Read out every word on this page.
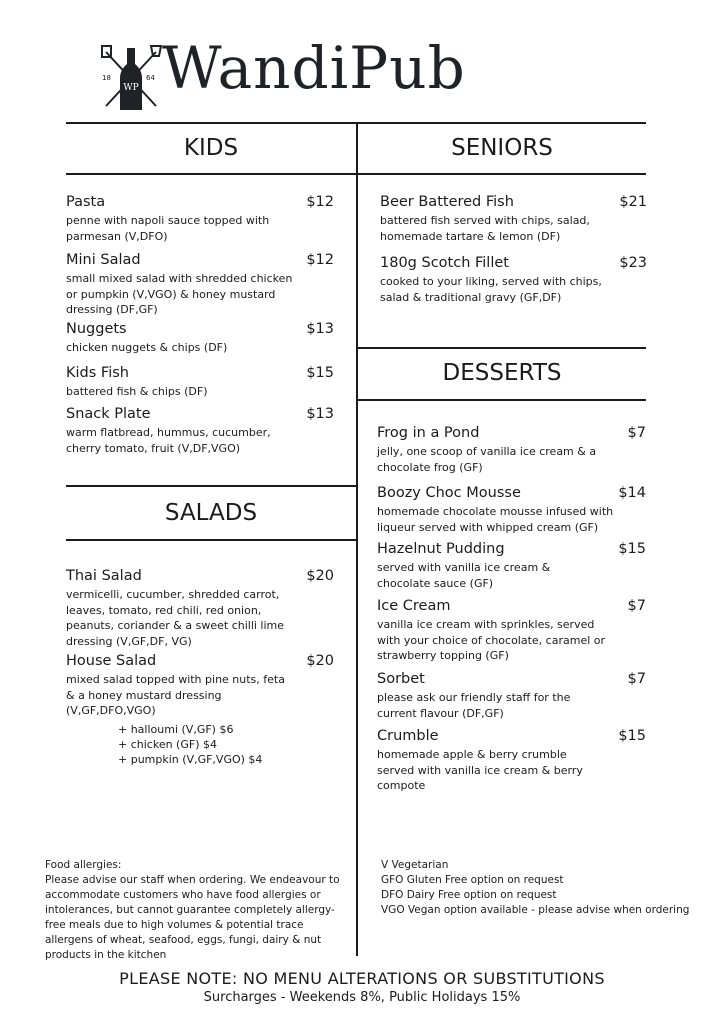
WP
18	64 WandiPub
KIDS	SENIORS
SALADS
DESSERTS
Pasta	$12
penne with napoli sauce topped with parmesan (V,DFO)
Mini Salad	$12
small mixed salad with shredded chicken or pumpkin (V,VGO) & honey mustard dressing (DF,GF)
Nuggets	$13
chicken nuggets & chips (DF)
Kids Fish	$15
battered fish & chips (DF)
Snack Plate	$13
warm flatbread, hummus, cucumber, cherry tomato, fruit (V,DF,VGO)
Beer Battered Fish	$21
battered fish served with chips, salad, homemade tartare & lemon (DF)
180g Scotch Fillet	$23
cooked to your liking, served with chips, salad & traditional gravy (GF,DF)
Thai Salad	$20
vermicelli, cucumber, shredded carrot, leaves, tomato, red chili, red onion, peanuts, coriander & a sweet chilli lime dressing (V,GF,DF, VG)
House Salad	$20
mixed salad topped with pine nuts, feta & a honey mustard dressing (V,GF,DFO,VGO)
+ halloumi (V,GF) $6
+ chicken (GF) $4
+ pumpkin (V,GF,VGO) $4
Frog in a Pond	$7
jelly, one scoop of vanilla ice cream & a chocolate frog (GF)
Boozy Choc Mousse	$14
homemade chocolate mousse infused with liqueur served with whipped cream (GF)
Hazelnut Pudding	$15
served with vanilla ice cream & chocolate sauce (GF)
Ice Cream	$7
vanilla ice cream with sprinkles, served with your choice of chocolate, caramel or strawberry topping (GF)
Sorbet	$7
please ask our friendly staff for the current flavour (DF,GF)
Crumble	$15
homemade apple & berry crumble served with vanilla ice cream & berry compote
Food allergies:
Please advise our staff when ordering. We endeavour to accommodate customers who have food allergies or intolerances, but cannot guarantee completely allergy-free meals due to high volumes & potential trace allergens of wheat, seafood, eggs, fungi, dairy & nut products in the kitchen
V Vegetarian
GFO Gluten Free option on request
DFO Dairy Free option on request
VGO Vegan option available - please advise when ordering
PLEASE NOTE: NO MENU ALTERATIONS OR SUBSTITUTIONS
Surcharges - Weekends 8%, Public Holidays 15%
